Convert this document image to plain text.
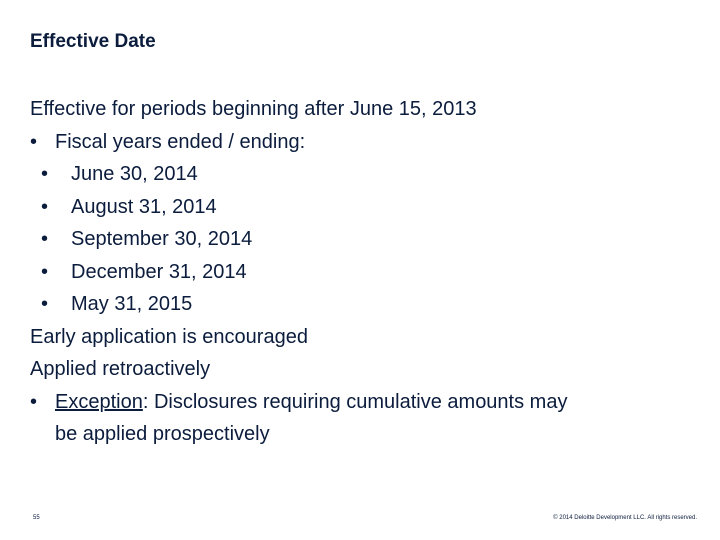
Effective Date
Effective for periods beginning after June 15, 2013
• Fiscal years ended / ending:
• June 30, 2014
• August 31, 2014
• September 30, 2014
• December 31, 2014
• May 31, 2015
Early application is encouraged
Applied retroactively
• Exception: Disclosures requiring cumulative amounts may
be applied prospectively
55	© 2014 Deloitte Development LLC. All rights reserved.
